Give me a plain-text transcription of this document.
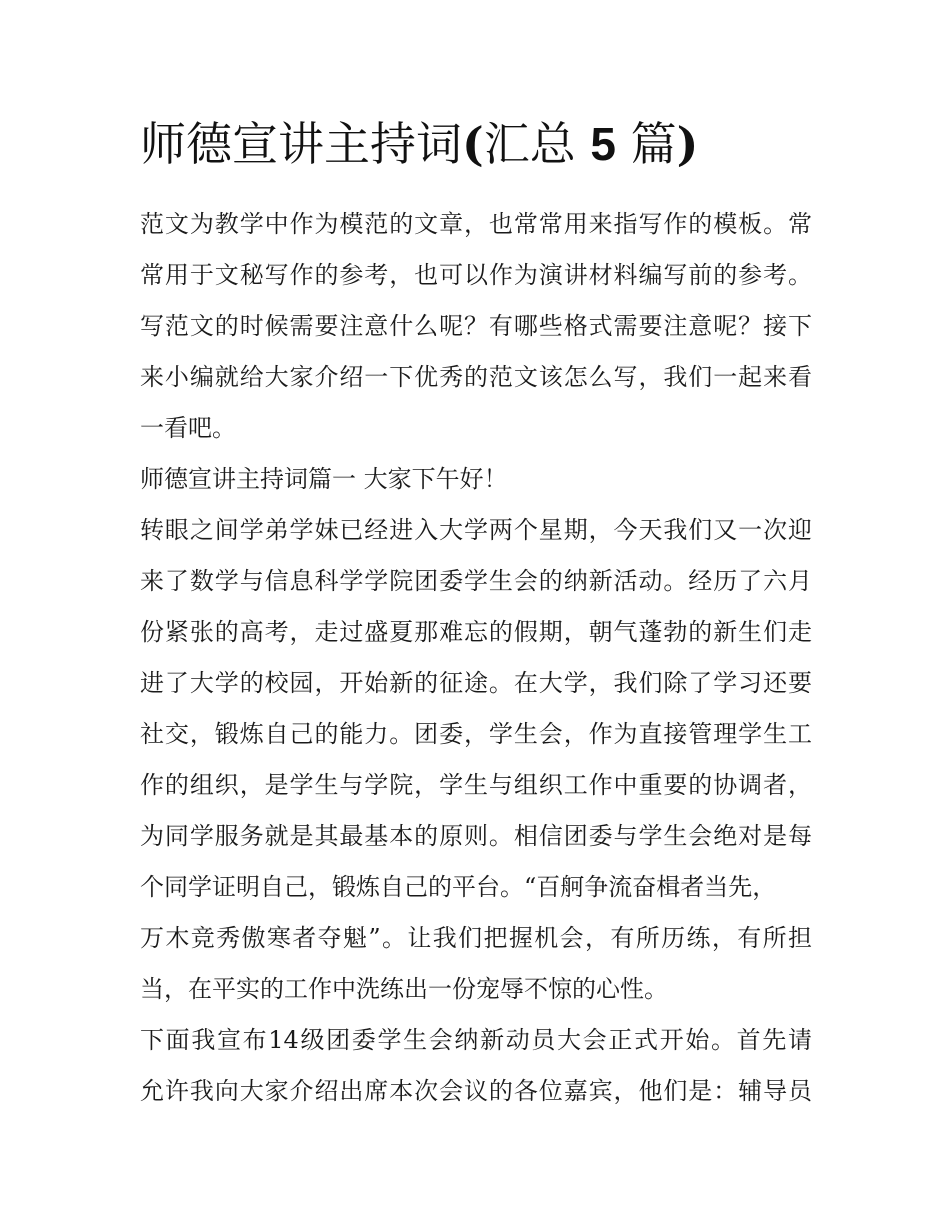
师德宣讲主持词(汇总 5 篇)
范文为教学中作为模范的文章，也常常用来指写作的模板。常
常用于文秘写作的参考，也可以作为演讲材料编写前的参考。
写范文的时候需要注意什么呢？有哪些格式需要注意呢？接下
来小编就给大家介绍一下优秀的范文该怎么写，我们一起来看
一看吧。
师德宣讲主持词篇一 大家下午好！
转眼之间学弟学妹已经进入大学两个星期，今天我们又一次迎
来了数学与信息科学学院团委学生会的纳新活动。经历了六月
份紧张的高考，走过盛夏那难忘的假期，朝气蓬勃的新生们走
进了大学的校园，开始新的征途。在大学，我们除了学习还要
社交，锻炼自己的能力。团委，学生会，作为直接管理学生工
作的组织，是学生与学院，学生与组织工作中重要的协调者，
为同学服务就是其最基本的原则。相信团委与学生会绝对是每
个同学证明自己，锻炼自己的平台。“百舸争流奋楫者当先，
万木竞秀傲寒者夺魁”。让我们把握机会，有所历练，有所担
当，在平实的工作中洗练出一份宠辱不惊的心性。
下面我宣布14级团委学生会纳新动员大会正式开始。首先请
允许我向大家介绍出席本次会议的各位嘉宾，他们是：辅导员
